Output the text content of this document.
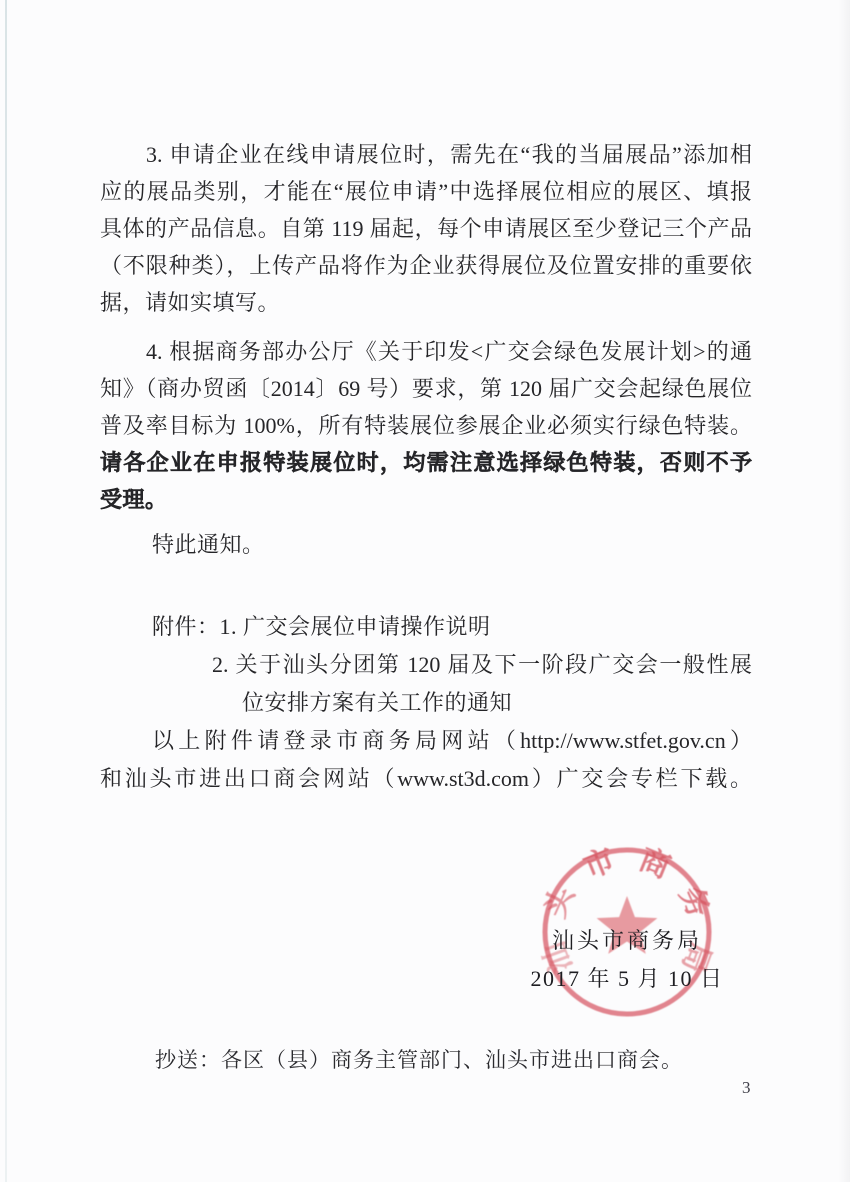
3. 申请企业在线申请展位时，需先在“我的当届展品”添加相
应的展品类别，才能在“展位申请”中选择展位相应的展区、填报
具体的产品信息。自第 119 届起，每个申请展区至少登记三个产品
（不限种类），上传产品将作为企业获得展位及位置安排的重要依
据，请如实填写。
4. 根据商务部办公厅《关于印发<广交会绿色发展计划>的通
知》（商办贸函〔2014〕69 号）要求，第 120 届广交会起绿色展位
普及率目标为 100%，所有特装展位参展企业必须实行绿色特装。
请各企业在申报特装展位时，均需注意选择绿色特装，否则不予
受理。
特此通知。
附件：1. 广交会展位申请操作说明
2. 关于汕头分团第 120 届及下一阶段广交会一般性展
位安排方案有关工作的通知
以上附件请登录市商务局网站（http://www.stfet.gov.cn）
和汕头市进出口商会网站（www.st3d.com）广交会专栏下载。
汕
头
市 商
务
局
汕头市商务局
2017 年 5 月 10 日
抄送：各区（县）商务主管部门、汕头市进出口商会。
3
